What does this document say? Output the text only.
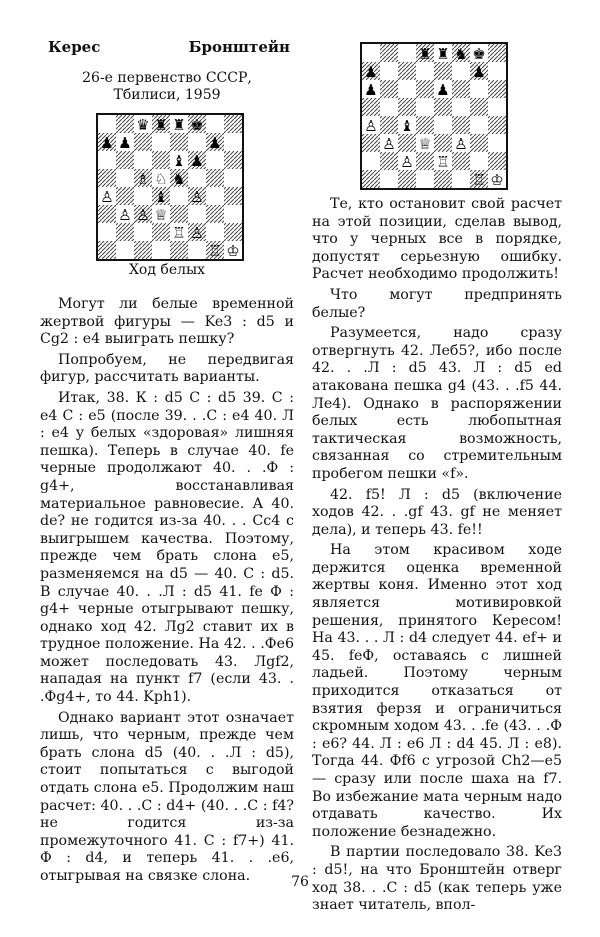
Керес	Бронштейн
26-е первенство СССР,
Тбилиси, 1959
♛ ♜ ♜ ♚
♟ ♟	♟
♟
♝
♗ ♘ ♞
♙	♝ ♙
♙ ♕
♙
♖ ♙
♖ ♔
Ход белых
♜ ♜ ♞ ♚
♟	♟
♟	♟
♙ ♝
♙ ♕ ♙
♙ ♖
♖ ♔

Могут ли белые временной жертвой фигуры — Ke3 : d5 и Cg2 : e4 выиграть пешку?

Попробуем, не передвигая фигур, рассчитать варианты.

Итак, 38. К : d5 С : d5 39. С : e4 С : e5 (после 39. . .С : e4 40. Л : e4 у белых «здоровая» лишняя пешка). Теперь в случае 40. fe черные продолжают 40. . .Ф : g4+, восстанавливая материальное равновесие. А 40. de? не годится из-за 40. . . Cc4 с выигрышем качества. Поэтому, прежде чем брать слона e5, разменяемся на d5 — 40. С : d5. В случае 40. . .Л : d5 41. fe Ф : g4+ черные отыгрывают пешку, однако ход 42. Лg2 ставит их в трудное положение. На 42. . .Фe6 может последовать 43. Лgf2, нападая на пункт f7 (если 43. . .Фg4+, то 44. Kph1).

Однако вариант этот означает лишь, что черным, прежде чем брать слона d5 (40. . .Л : d5), стоит попытаться с выгодой отдать слона e5. Продолжим наш расчет: 40. . .С : d4+ (40. . .С : f4? не годится из-за промежуточного 41. С : f7+) 41. Ф : d4, и теперь 41. . .e6, отыгрывая на связке слона.

Те, кто остановит свой расчет на этой позиции, сделав вывод, что у черных все в порядке, допустят серьезную ошибку. Расчет необходимо продолжить!

Что могут предпринять белые?

Разумеется, надо сразу отвергнуть 42. Леб5?, ибо после 42. . .Л : d5 43. Л : d5 ed атакована пешка g4 (43. . .f5 44. Ле4). Однако в распоряжении белых есть любопытная тактическая возможность, связанная со стремительным пробегом пешки «f».

42. f5! Л : d5 (включение ходов 42. . .gf 43. gf не меняет дела), и теперь 43. fe!!

На этом красивом ходе держится оценка временной жертвы коня. Именно этот ход является мотивировкой решения, принятого Кересом! На 43. . . Л : d4 следует 44. ef+ и 45. feФ, оставаясь с лишней ладьей. Поэтому черным приходится отказаться от взятия ферзя и ограничиться скромным ходом 43. . .fe (43. . .Ф : e6? 44. Л : e6 Л : d4 45. Л : e8). Тогда 44. Фf6 с угрозой Ch2—e5 — сразу или после шаха на f7. Во избежание мата черным надо отдавать качество. Их положение безнадежно.

В партии последовало 38. Ke3 : d5!, на что Бронштейн отверг ход 38. . .С : d5 (как теперь уже знает читатель, впол-

76
